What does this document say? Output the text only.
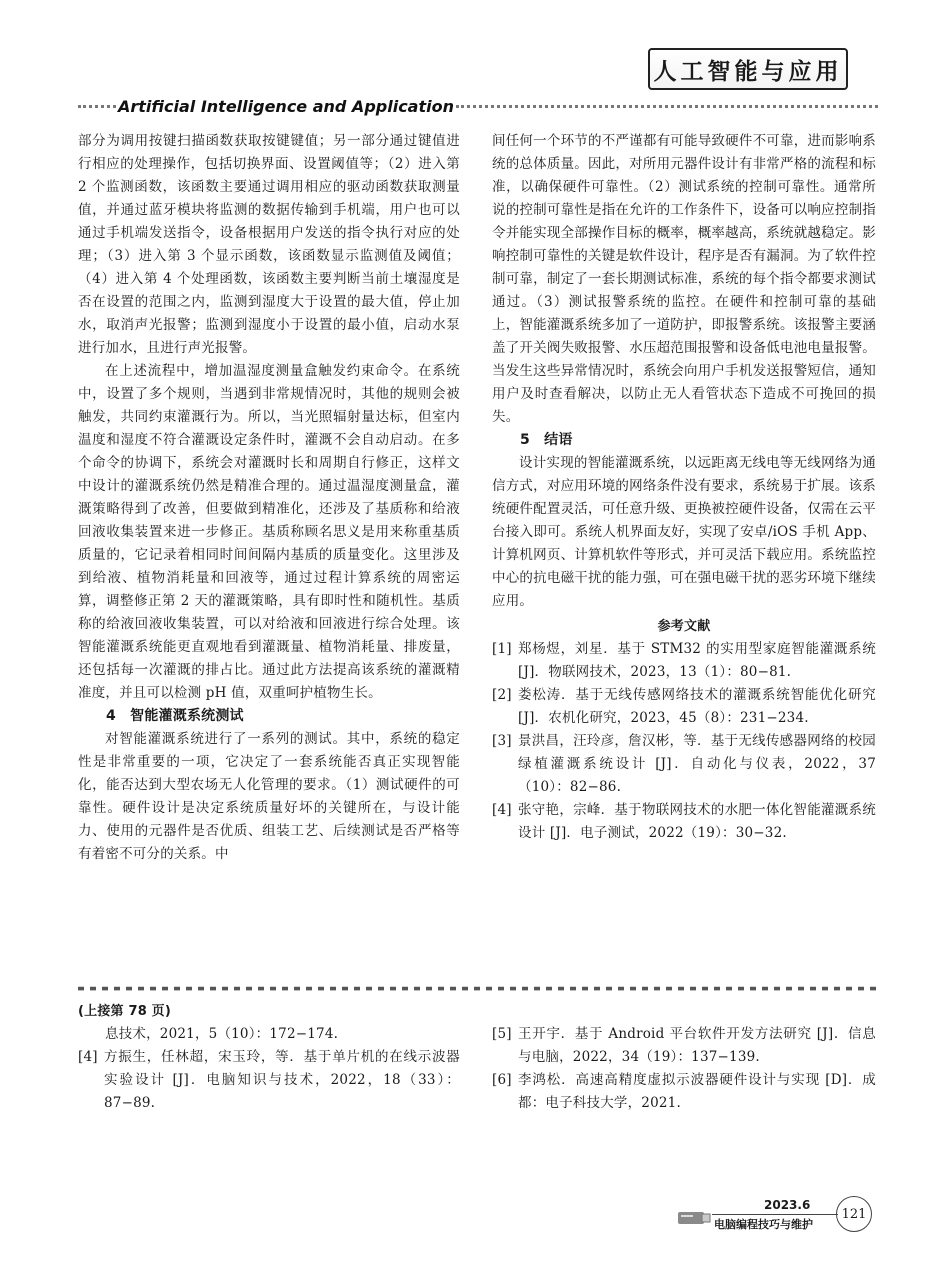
人工智能与应用
Artificial Intelligence and Application

部分为调用按键扫描函数获取按键键值；另一部分通过键值进行相应的处理操作，包括切换界面、设置阈值等；（2）进入第 2 个监测函数，该函数主要通过调用相应的驱动函数获取测量值，并通过蓝牙模块将监测的数据传输到手机端，用户也可以通过手机端发送指令，设备根据用户发送的指令执行对应的处理；（3）进入第 3 个显示函数，该函数显示监测值及阈值；（4）进入第 4 个处理函数，该函数主要判断当前土壤湿度是否在设置的范围之内，监测到湿度大于设置的最大值，停止加水，取消声光报警；监测到湿度小于设置的最小值，启动水泵进行加水，且进行声光报警。

在上述流程中，增加温湿度测量盒触发约束命令。在系统中，设置了多个规则，当遇到非常规情况时，其他的规则会被触发，共同约束灌溉行为。所以，当光照辐射量达标，但室内温度和湿度不符合灌溉设定条件时，灌溉不会自动启动。在多个命令的协调下，系统会对灌溉时长和周期自行修正，这样文中设计的灌溉系统仍然是精准合理的。通过温湿度测量盒，灌溉策略得到了改善，但要做到精准化，还涉及了基质称和给液回液收集装置来进一步修正。基质称顾名思义是用来称重基质质量的，它记录着相同时间间隔内基质的质量变化。这里涉及到给液、植物消耗量和回液等，通过过程计算系统的周密运算，调整修正第 2 天的灌溉策略，具有即时性和随机性。基质称的给液回液收集装置，可以对给液和回液进行综合处理。该智能灌溉系统能更直观地看到灌溉量、植物消耗量、排废量，还包括每一次灌溉的排占比。通过此方法提高该系统的灌溉精准度，并且可以检测 pH 值，双重呵护植物生长。

4　智能灌溉系统测试

对智能灌溉系统进行了一系列的测试。其中，系统的稳定性是非常重要的一项，它决定了一套系统能否真正实现智能化，能否达到大型农场无人化管理的要求。（1）测试硬件的可靠性。硬件设计是决定系统质量好坏的关键所在，与设计能力、使用的元器件是否优质、组装工艺、后续测试是否严格等有着密不可分的关系。中

间任何一个环节的不严谨都有可能导致硬件不可靠，进而影响系统的总体质量。因此，对所用元器件设计有非常严格的流程和标准，以确保硬件可靠性。（2）测试系统的控制可靠性。通常所说的控制可靠性是指在允许的工作条件下，设备可以响应控制指令并能实现全部操作目标的概率，概率越高，系统就越稳定。影响控制可靠性的关键是软件设计，程序是否有漏洞。为了软件控制可靠，制定了一套长期测试标准，系统的每个指令都要求测试通过。（3）测试报警系统的监控。在硬件和控制可靠的基础上，智能灌溉系统多加了一道防护，即报警系统。该报警主要涵盖了开关阀失败报警、水压超范围报警和设备低电池电量报警。当发生这些异常情况时，系统会向用户手机发送报警短信，通知用户及时查看解决，以防止无人看管状态下造成不可挽回的损失。

5　结语

设计实现的智能灌溉系统，以远距离无线电等无线网络为通信方式，对应用环境的网络条件没有要求，系统易于扩展。该系统硬件配置灵活，可任意升级、更换被控硬件设备，仅需在云平台接入即可。系统人机界面友好，实现了安卓/iOS 手机 App、计算机网页、计算机软件等形式，并可灵活下载应用。系统监控中心的抗电磁干扰的能力强，可在强电磁干扰的恶劣环境下继续应用。

参考文献
[1] 郑杨煜，刘星．基于 STM32 的实用型家庭智能灌溉系统 [J]．物联网技术，2023，13（1）：80−81.
[2] 娄松涛．基于无线传感网络技术的灌溉系统智能优化研究 [J]．农机化研究，2023，45（8）：231−234.
[3] 景洪昌，汪玲彦，詹汉彬，等．基于无线传感器网络的校园绿植灌溉系统设计 [J]．自动化与仪表，2022，37（10）：82−86.
[4] 张守艳，宗峰．基于物联网技术的水肥一体化智能灌溉系统设计 [J]．电子测试，2022（19）：30−32.
(上接第 78 页)

息技术，2021，5（10）：172−174.

[4] 方振生，任林超，宋玉玲，等．基于单片机的在线示波器实验设计 [J]．电脑知识与技术，2022，18（33）：87−89.
[5] 王开宇．基于 Android 平台软件开发方法研究 [J]．信息与电脑，2022，34（19）：137−139.
[6] 李鸿松．高速高精度虚拟示波器硬件设计与实现 [D]．成都：电子科技大学，2021.
2023.6
电脑编程技巧与维护
121
